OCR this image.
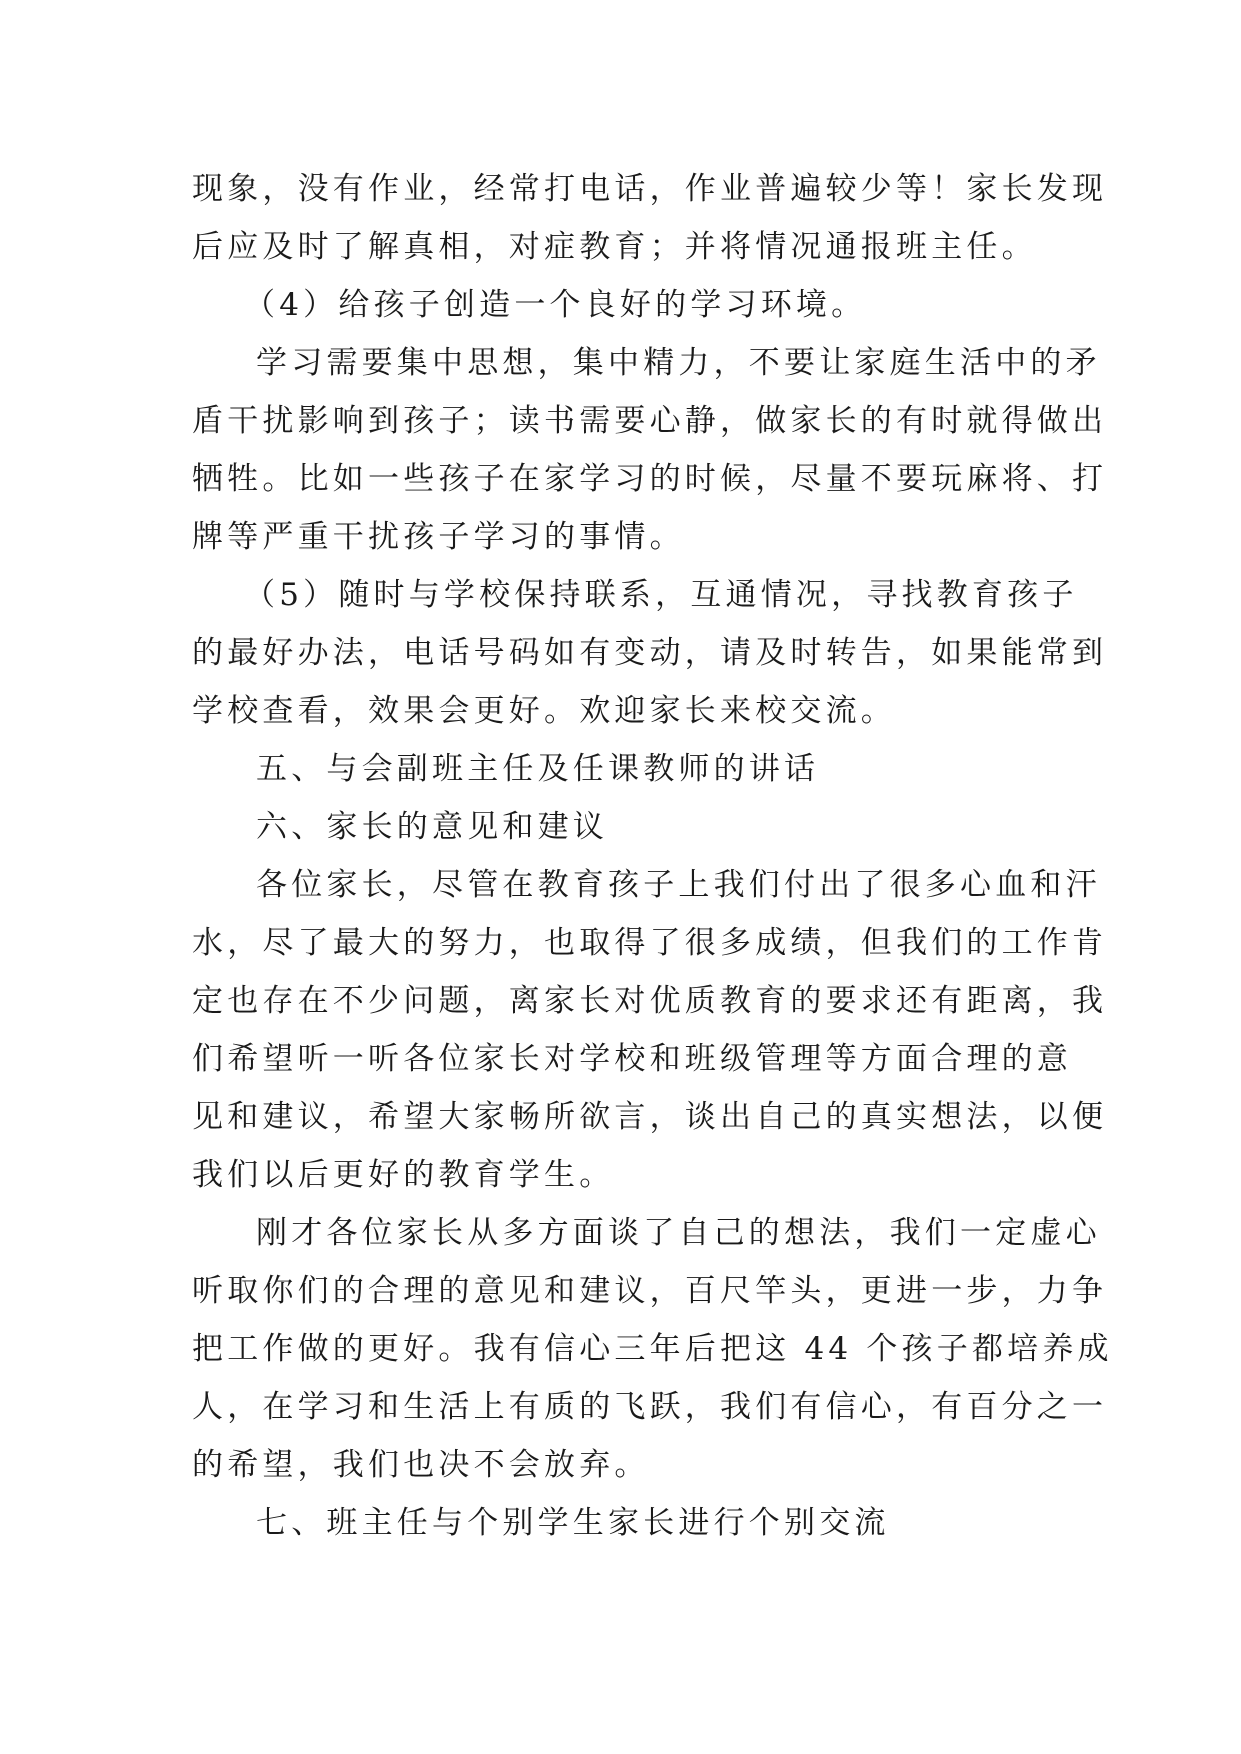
现象，没有作业，经常打电话，作业普遍较少等！家长发现
后应及时了解真相，对症教育；并将情况通报班主任。
（4）给孩子创造一个良好的学习环境。
学习需要集中思想，集中精力，不要让家庭生活中的矛
盾干扰影响到孩子；读书需要心静，做家长的有时就得做出
牺牲。比如一些孩子在家学习的时候，尽量不要玩麻将、打
牌等严重干扰孩子学习的事情。
（5）随时与学校保持联系，互通情况，寻找教育孩子
的最好办法，电话号码如有变动，请及时转告，如果能常到
学校查看，效果会更好。欢迎家长来校交流。
五、与会副班主任及任课教师的讲话
六、家长的意见和建议
各位家长，尽管在教育孩子上我们付出了很多心血和汗
水，尽了最大的努力，也取得了很多成绩，但我们的工作肯
定也存在不少问题，离家长对优质教育的要求还有距离，我
们希望听一听各位家长对学校和班级管理等方面合理的意
见和建议，希望大家畅所欲言，谈出自己的真实想法，以便
我们以后更好的教育学生。
刚才各位家长从多方面谈了自己的想法，我们一定虚心
听取你们的合理的意见和建议，百尺竿头，更进一步，力争
把工作做的更好。我有信心三年后把这 44 个孩子都培养成
人，在学习和生活上有质的飞跃，我们有信心，有百分之一
的希望，我们也决不会放弃。
七、班主任与个别学生家长进行个别交流
